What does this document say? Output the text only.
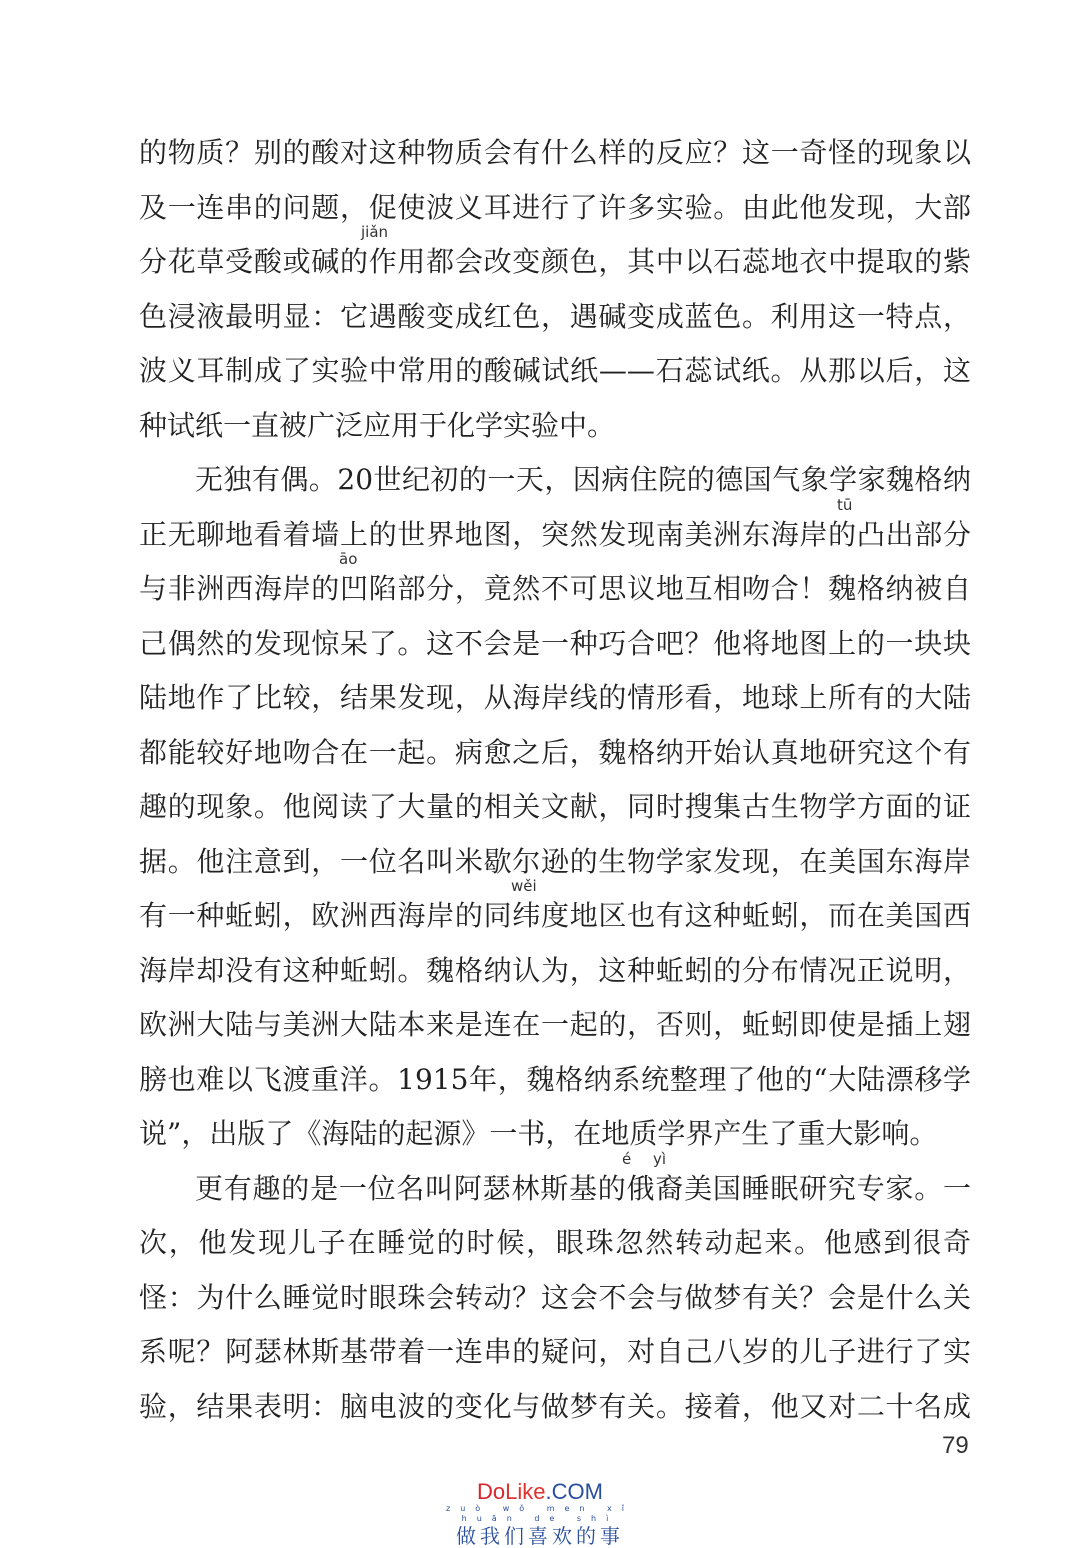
的物质？别的酸对这种物质会有什么样的反应？这一奇怪的现象以
及一连串的问题，促使波义耳进行了许多实验。由此他发现，大部
分花草受酸或碱的作用都会改变颜色，其中以石蕊地衣中提取的紫
jiǎn
色浸液最明显：它遇酸变成红色，遇碱变成蓝色。利用这一特点，
波义耳制成了实验中常用的酸碱试纸——石蕊试纸。从那以后，这
种试纸一直被广泛应用于化学实验中。
无独有偶。20世纪初的一天，因病住院的德国气象学家魏格纳
正无聊地看着墙上的世界地图，突然发现南美洲东海岸的凸出部分
tū
与非洲西海岸的凹陷部分，竟然不可思议地互相吻合！魏格纳被自
āo
己偶然的发现惊呆了。这不会是一种巧合吧？他将地图上的一块块
陆地作了比较，结果发现，从海岸线的情形看，地球上所有的大陆
都能较好地吻合在一起。病愈之后，魏格纳开始认真地研究这个有
趣的现象。他阅读了大量的相关文献，同时搜集古生物学方面的证
据。他注意到，一位名叫米歇尔逊的生物学家发现，在美国东海岸
有一种蚯蚓，欧洲西海岸的同纬度地区也有这种蚯蚓，而在美国西
wěi
海岸却没有这种蚯蚓。魏格纳认为，这种蚯蚓的分布情况正说明，
欧洲大陆与美洲大陆本来是连在一起的，否则，蚯蚓即使是插上翅
膀也难以飞渡重洋。1915年，魏格纳系统整理了他的“大陆漂移学
说”，出版了《海陆的起源》一书，在地质学界产生了重大影响。
更有趣的是一位名叫阿瑟林斯基的俄裔美国睡眠研究专家。一
é yì
次，他发现儿子在睡觉的时候，眼珠忽然转动起来。他感到很奇
怪：为什么睡觉时眼珠会转动？这会不会与做梦有关？会是什么关
系呢？阿瑟林斯基带着一连串的疑问，对自己八岁的儿子进行了实
验，结果表明：脑电波的变化与做梦有关。接着，他又对二十名成
79
DoLike.COM
zuò wǒ men xǐ huān de shì
做我们喜欢的事
